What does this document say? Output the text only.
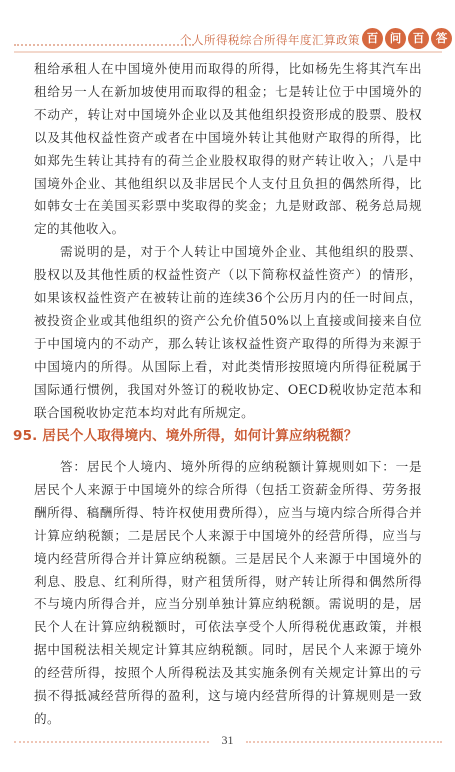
个人所得税综合所得年度汇算政策 百	问	百	答

租给承租人在中国境外使用而取得的所得，比如杨先生将其汽车出租给另一人在新加坡使用而取得的租金；七是转让位于中国境外的不动产，转让对中国境外企业以及其他组织投资形成的股票、股权以及其他权益性资产或者在中国境外转让其他财产取得的所得，比如郑先生转让其持有的荷兰企业股权取得的财产转让收入；八是中国境外企业、其他组织以及非居民个人支付且负担的偶然所得，比如韩女士在美国买彩票中奖取得的奖金；九是财政部、税务总局规定的其他收入。

需说明的是，对于个人转让中国境外企业、其他组织的股票、股权以及其他性质的权益性资产（以下简称权益性资产）的情形，如果该权益性资产在被转让前的连续36个公历月内的任一时间点，被投资企业或其他组织的资产公允价值50%以上直接或间接来自位于中国境内的不动产，那么转让该权益性资产取得的所得为来源于中国境内的所得。从国际上看，对此类情形按照境内所得征税属于国际通行惯例，我国对外签订的税收协定、OECD税收协定范本和联合国税收协定范本均对此有所规定。

95. 居民个人取得境内、境外所得，如何计算应纳税额？

答：居民个人境内、境外所得的应纳税额计算规则如下：一是居民个人来源于中国境外的综合所得（包括工资薪金所得、劳务报酬所得、稿酬所得、特许权使用费所得），应当与境内综合所得合并计算应纳税额；二是居民个人来源于中国境外的经营所得，应当与境内经营所得合并计算应纳税额。三是居民个人来源于中国境外的利息、股息、红利所得，财产租赁所得，财产转让所得和偶然所得不与境内所得合并，应当分别单独计算应纳税额。需说明的是，居民个人在计算应纳税额时，可依法享受个人所得税优惠政策，并根据中国税法相关规定计算其应纳税额。同时，居民个人来源于境外的经营所得，按照个人所得税法及其实施条例有关规定计算出的亏损不得抵减经营所得的盈利，这与境内经营所得的计算规则是一致的。

31
